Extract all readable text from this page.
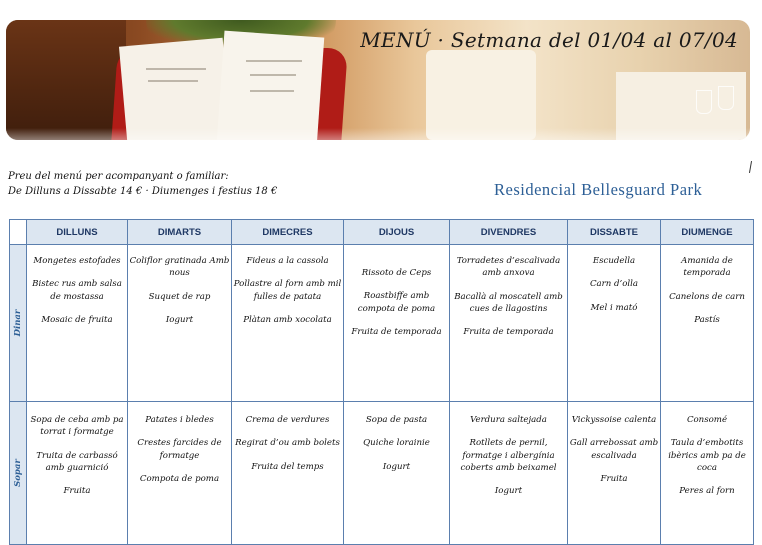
MENÚ · Setmana del 01/04 al 07/04
Preu del menú per acompanyant o familiar:
De Dilluns a Dissabte 14 € · Diumenges i festius 18 €	Residencial Bellesguard Park
	DILLUNS	DIMARTS	DIMECRES	DIJOUS	DIVENDRES	DISSABTE	DIUMENGE

Dinar	Mongetes estofades
Bistec rus amb salsa de mostassa
Mosaic de fruita	Coliflor gratinada Amb nous
Suquet de rap
Iogurt	Fideus a la cassola
Pollastre al forn amb mil fulles de patata
Plàtan amb xocolata	Rissoto de Ceps
Roastbiffe amb compota de poma
Fruita de temporada	Torradetes d’escalivada amb anxova
Bacallà al moscatell amb cues de llagostins
Fruita de temporada	Escudella
Carn d’olla
Mel i mató	Amanida de temporada
Canelons de carn
Pastís

Sopar	Sopa de ceba amb pa torrat i formatge
Truita de carbassó amb guarnició
Fruita	Patates i bledes
Crestes farcides de formatge
Compota de poma	Crema de verdures
Regirat d’ou amb bolets
Fruita del temps	Sopa de pasta
Quiche lorainie
Iogurt	Verdura saltejada
Rotllets de pernil, formatge i albergínia coberts amb beixamel
Iogurt	Vickyssoise calenta
Gall arrebossat amb escalivada
Fruita	Consomé
Taula d’embotits ibèrics amb pa de coca
Peres al forn
